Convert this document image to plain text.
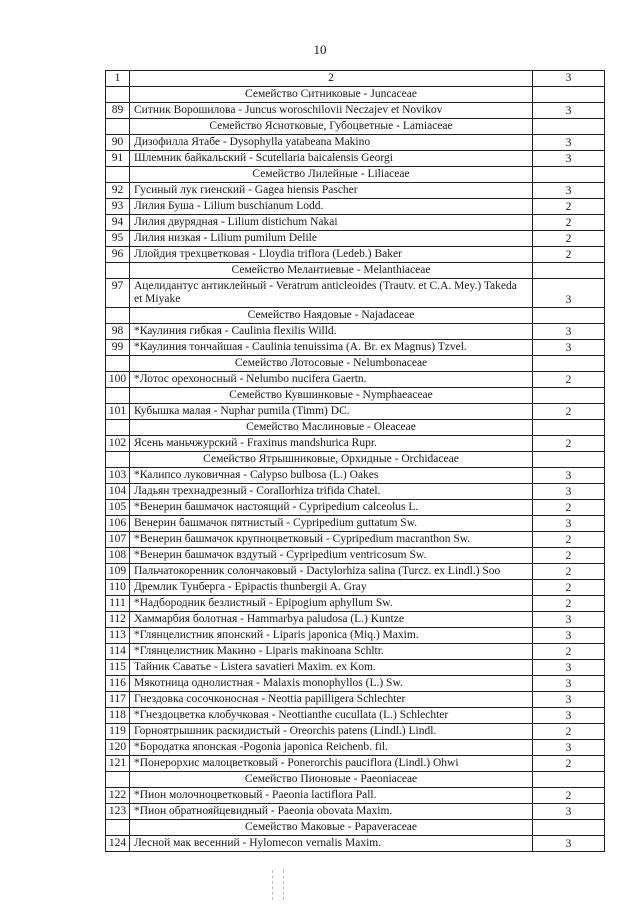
10
1	2	3
	Семейство Ситниковые - Juncaceae	
89	Ситник Ворошилова - Juncus woroschilovii Neczajev et Novikov	3
	Семейство Яснотковые, Губоцветные - Lamiaceae	
90	Дизофилла Ятабе - Dysophylla yatabeana Makino	3
91	Шлемник байкальский - Scutellaria baicalensis Georgi	3
	Семейство Лилейные - Liliaceae	
92	Гусиный лук гиенский - Gagea hiensis Pascher	3
93	Лилия Буша - Lilium buschianum Lodd.	2
94	Лилия двурядная - Lilium distichum Nakai	2
95	Лилия низкая - Lilium pumilum Delile	2
96	Ллойдия трехцветковая - Lloydia triflora (Ledeb.) Baker	2
	Семейство Мелантиевые - Melanthiaceae	
97	Ацелидантус антиклейный - Veratrum anticleoides (Trautv. et C.A. Mey.) Takeda et Miyake	3
	Семейство Наядовые - Najadaceae	
98	*Каулиния гибкая - Caulinia flexilis Willd.	3
99	*Каулиния тончайшая - Caulinia tenuissima (A. Br. ex Magnus) Tzvel.	3
	Семейство Лотосовые - Nelumbonaceae	
100	*Лотос орехоносный - Nelumbo nucifera Gaertn.	2
	Семейство Кувшинковые - Nymphaeaceae	
101	Кубышка малая - Nuphar pumila (Timm) DC.	2
	Семейство Маслиновые - Oleaceae	
102	Ясень маньчжурский - Fraxinus mandshurica Rupr.	2
	Семейство Ятрышниковые, Орхидные - Orchidaceae	
103	*Калипсо луковичная - Calypso bulbosa (L.) Oakes	3
104	Ладьян трехнадрезный - Corallorhiza trifida Chatel.	3
105	*Венерин башмачок настоящий - Cypripedium calceolus L.	2
106	Венерин башмачок пятнистый - Cypripedium guttatum Sw.	3
107	*Венерин башмачок крупноцветковый - Cypripedium macranthon Sw.	2
108	*Венерин башмачок вздутый - Cypripedium ventricosum Sw.	2
109	Пальчатокоренник солончаковый - Dactylorhiza salina (Turcz. ex Lindl.) Soo	2
110	Дремлик Тунберга - Epipactis thunbergii A. Gray	2
111	*Надбородник безлистный - Epipogium aphyllum Sw.	2
112	Хаммарбия болотная - Hammarbya paludosa (L.) Kuntze	3
113	*Глянцелистник японский - Liparis japonica (Miq.) Maxim.	3
114	*Глянцелистник Макино - Liparis makinoana Schltr.	2
115	Тайник Саватье - Listera savatieri Maxim. ex Kom.	3
116	Мякотница однолистная - Malaxis monophyllos (L.) Sw.	3
117	Гнездовка сосочконосная - Neottia papilligera Schlechter	3
118	*Гнездоцветка клобучковая - Neottianthe cucullata (L.) Schlechter	3
119	Горноятрышник раскидистый - Oreorchis patens (Lindl.) Lindl.	2
120	*Бородатка японская -Pogonia japonica Reichenb. fil.	3
121	*Понерорхис малоцветковый - Ponerorchis pauciflora (Lindl.) Ohwi	2
	Семейство Пионовые - Paeoniaceae	
122	*Пион молочноцветковый - Paeonia lactiflora Pall.	2
123	*Пион обратнояйцевидный - Paeonia obovata Maxim.	3
	Семейство Маковые - Papaveraceae	
124	Лесной мак весенний - Hylomecon vernalis Maxim.	3
